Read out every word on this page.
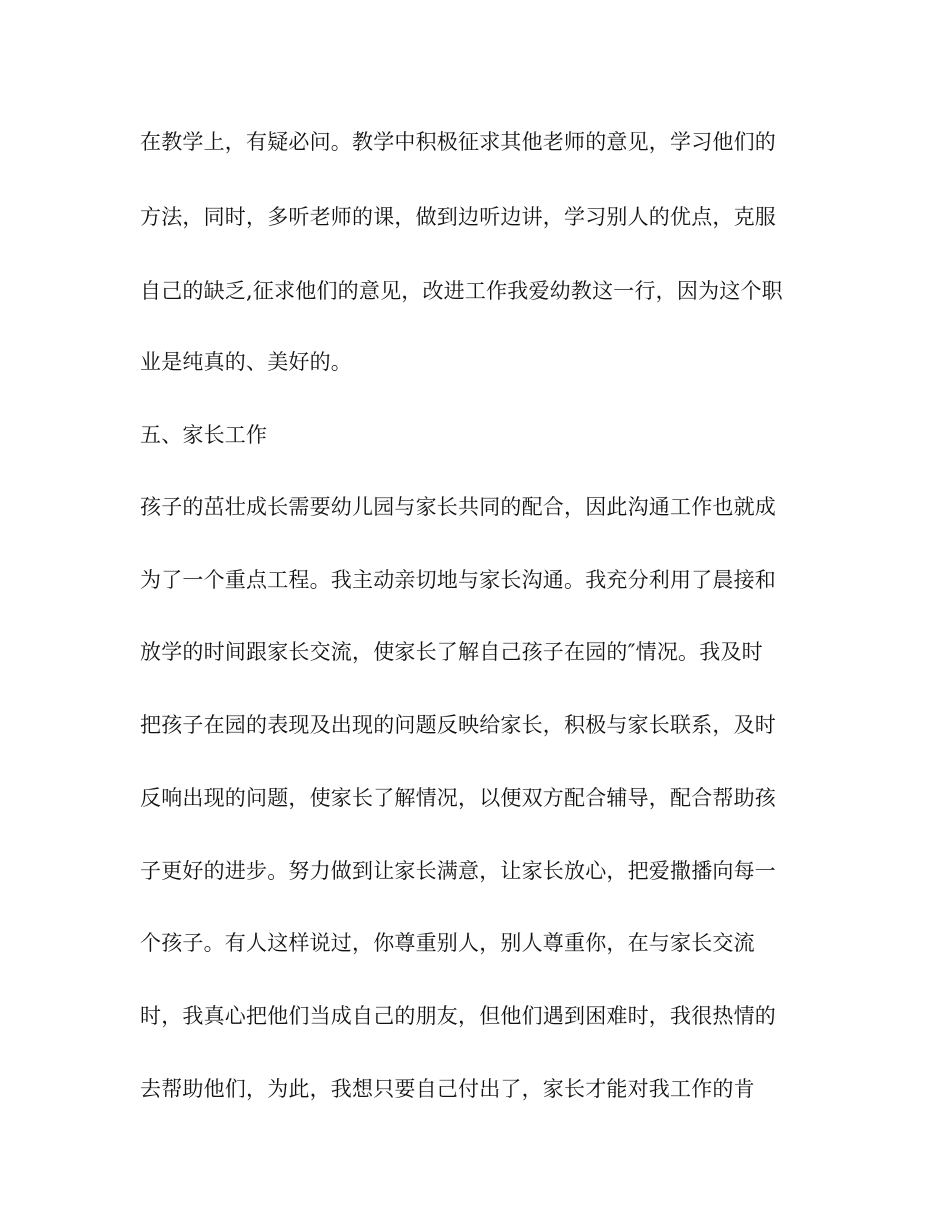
在教学上，有疑必问。教学中积极征求其他老师的意见，学习他们的
方法，同时，多听老师的课，做到边听边讲，学习别人的优点，克服
自己的缺乏,征求他们的意见，改进工作我爱幼教这一行，因为这个职
业是纯真的、美好的。
五、家长工作
孩子的茁壮成长需要幼儿园与家长共同的配合，因此沟通工作也就成
为了一个重点工程。我主动亲切地与家长沟通。我充分利用了晨接和
放学的时间跟家长交流，使家长了解自己孩子在园的″情况。我及时
把孩子在园的表现及出现的问题反映给家长，积极与家长联系，及时
反响出现的问题，使家长了解情况，以便双方配合辅导，配合帮助孩
子更好的进步。努力做到让家长满意，让家长放心，把爱撒播向每一
个孩子。有人这样说过，你尊重别人，别人尊重你，在与家长交流
时，我真心把他们当成自己的朋友，但他们遇到困难时，我很热情的
去帮助他们，为此，我想只要自己付出了，家长才能对我工作的肯
